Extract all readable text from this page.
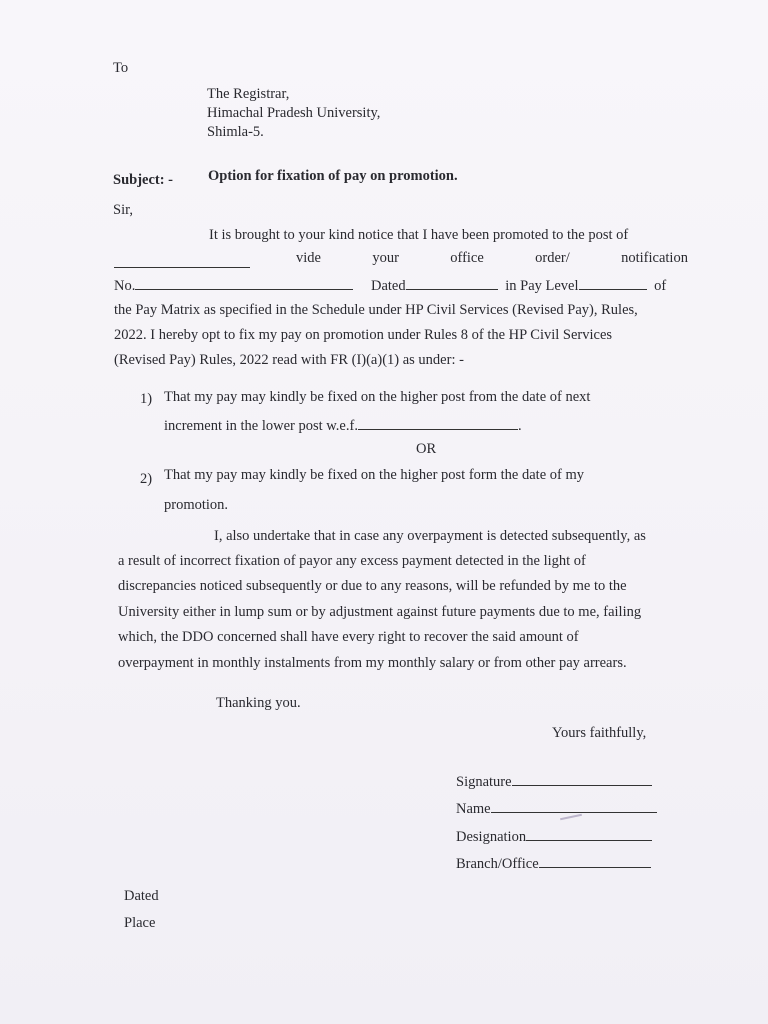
To
The Registrar,
Himachal Pradesh University,
Shimla-5.
Subject: - Option for fixation of pay on promotion.
Sir,
It is brought to your kind notice that I have been promoted to the post of
vide	your	office	order/	notification
No.	Dated	in Pay Level	of
the Pay Matrix as specified in the Schedule under HP Civil Services (Revised Pay), Rules,
2022. I hereby opt to fix my pay on promotion under Rules 8 of the HP Civil Services
(Revised Pay) Rules, 2022 read with FR (I)(a)(1) as under: -
1) That my pay may kindly be fixed on the higher post from the date of next
increment in the lower post w.e.f.	.
OR
2) That my pay may kindly be fixed on the higher post form the date of my
promotion.
I, also undertake that in case any overpayment is detected subsequently, as
a result of incorrect fixation of payor any excess payment detected in the light of
discrepancies noticed subsequently or due to any reasons, will be refunded by me to the
University either in lump sum or by adjustment against future payments due to me, failing
which, the DDO concerned shall have every right to recover the said amount of
overpayment in monthly instalments from my monthly salary or from other pay arrears.
Thanking you.
Yours faithfully,
Signature
Name
Designation
Branch/Office
Dated
Place
